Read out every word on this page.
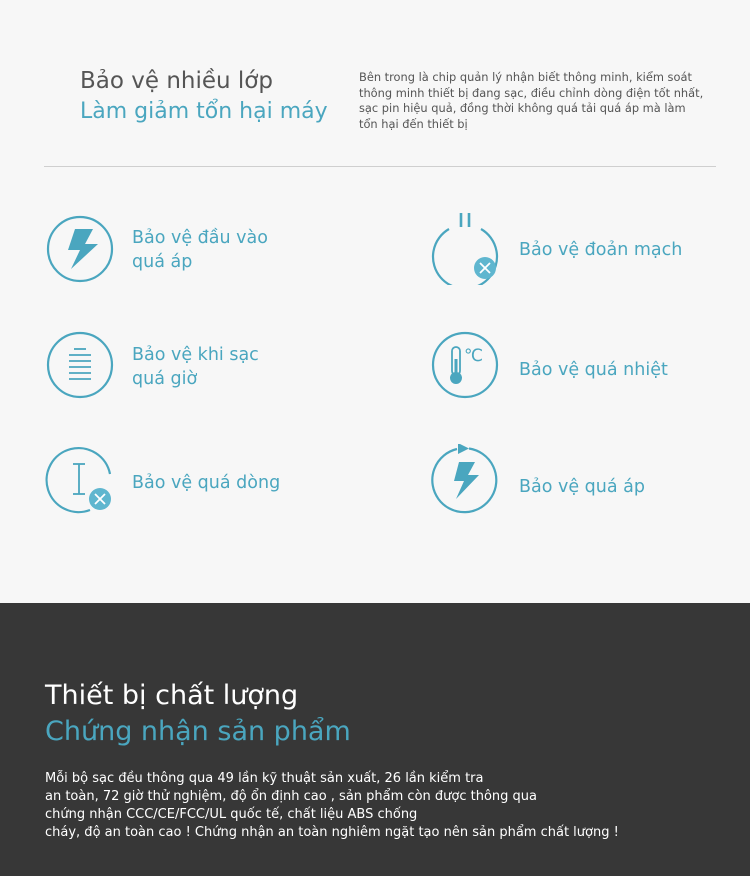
Bảo vệ nhiều lớp
Làm giảm tổn hại máy
Bên trong là chip quản lý nhận biết thông minh, kiểm soát thông minh thiết bị đang sạc, điều chỉnh dòng điện tốt nhất, sạc pin hiệu quả, đồng thời không quá tải quá áp mà làm tổn hại đến thiết bị
Bảo vệ đầu vào
quá áp
Bảo vệ đoản mạch
Bảo vệ khi sạc
quá giờ
℃
Bảo vệ quá nhiệt
Bảo vệ quá dòng	Bảo vệ quá áp
Thiết bị chất lượng
Chứng nhận sản phẩm
Mỗi bộ sạc đều thông qua 49 lần kỹ thuật sản xuất, 26 lần kiểm tra
an toàn, 72 giờ thử nghiệm, độ ổn định cao , sản phẩm còn được thông qua
chứng nhận CCC/CE/FCC/UL quốc tế, chất liệu ABS chống
cháy, độ an toàn cao ! Chứng nhận an toàn nghiêm ngặt tạo nên sản phẩm chất lượng !
